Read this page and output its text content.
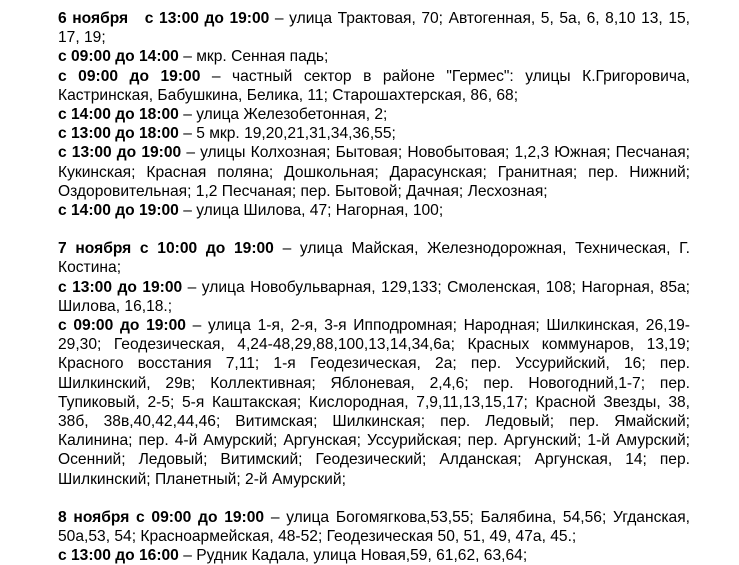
6 ноября   с 13:00 до 19:00 – улица Трактовая, 70; Автогенная, 5, 5а, 6, 8,10 13, 15, 17, 19;

с 09:00 до 14:00 – мкр. Сенная падь;

с 09:00 до 19:00 – частный сектор в районе "Гермес": улицы К.Григоровича, Кастринская, Бабушкина, Белика, 11; Старошахтерская, 86, 68;

с 14:00 до 18:00 – улица Железобетонная, 2;

с 13:00 до 18:00 – 5 мкр. 19,20,21,31,34,36,55;

с 13:00 до 19:00 – улицы Колхозная; Бытовая; Новобытовая; 1,2,3 Южная; Песчаная; Кукинская; Красная поляна; Дошкольная; Дарасунская; Гранитная; пер. Нижний; Оздоровительная; 1,2 Песчаная; пер. Бытовой; Дачная; Лесхозная;

с 14:00 до 19:00 – улица Шилова, 47; Нагорная, 100;

7 ноября с 10:00 до 19:00 – улица Майская, Железнодорожная, Техническая, Г. Костина;

с 13:00 до 19:00 – улица Новобульварная, 129,133; Смоленская, 108; Нагорная, 85а; Шилова, 16,18.;

с 09:00 до 19:00 – улица 1-я, 2-я, 3-я Ипподромная; Народная; Шилкинская, 26,19-29,30; Геодезическая, 4,24-48,29,88,100,13,14,34,6а; Красных коммунаров, 13,19; Красного восстания 7,11; 1-я Геодезическая, 2а; пер. Уссурийский, 16; пер. Шилкинский, 29в; Коллективная; Яблоневая, 2,4,6; пер. Новогодний,1-7; пер. Тупиковый, 2-5; 5-я Каштакская; Кислородная, 7,9,11,13,15,17; Красной Звезды, 38, 38б, 38в,40,42,44,46; Витимская; Шилкинская; пер. Ледовый; пер. Ямайский; Калинина; пер. 4-й Амурский; Аргунская; Уссурийская; пер. Аргунский; 1-й Амурский; Осенний; Ледовый; Витимский; Геодезический; Алданская; Аргунская, 14; пер. Шилкинский; Планетный; 2-й Амурский;

8 ноября с 09:00 до 19:00 – улица Богомягкова,53,55; Балябина, 54,56; Угданская, 50а,53, 54; Красноармейская, 48-52; Геодезическая 50, 51, 49, 47а, 45.;

с 13:00 до 16:00 – Рудник Кадала, улица Новая,59, 61,62, 63,64;
